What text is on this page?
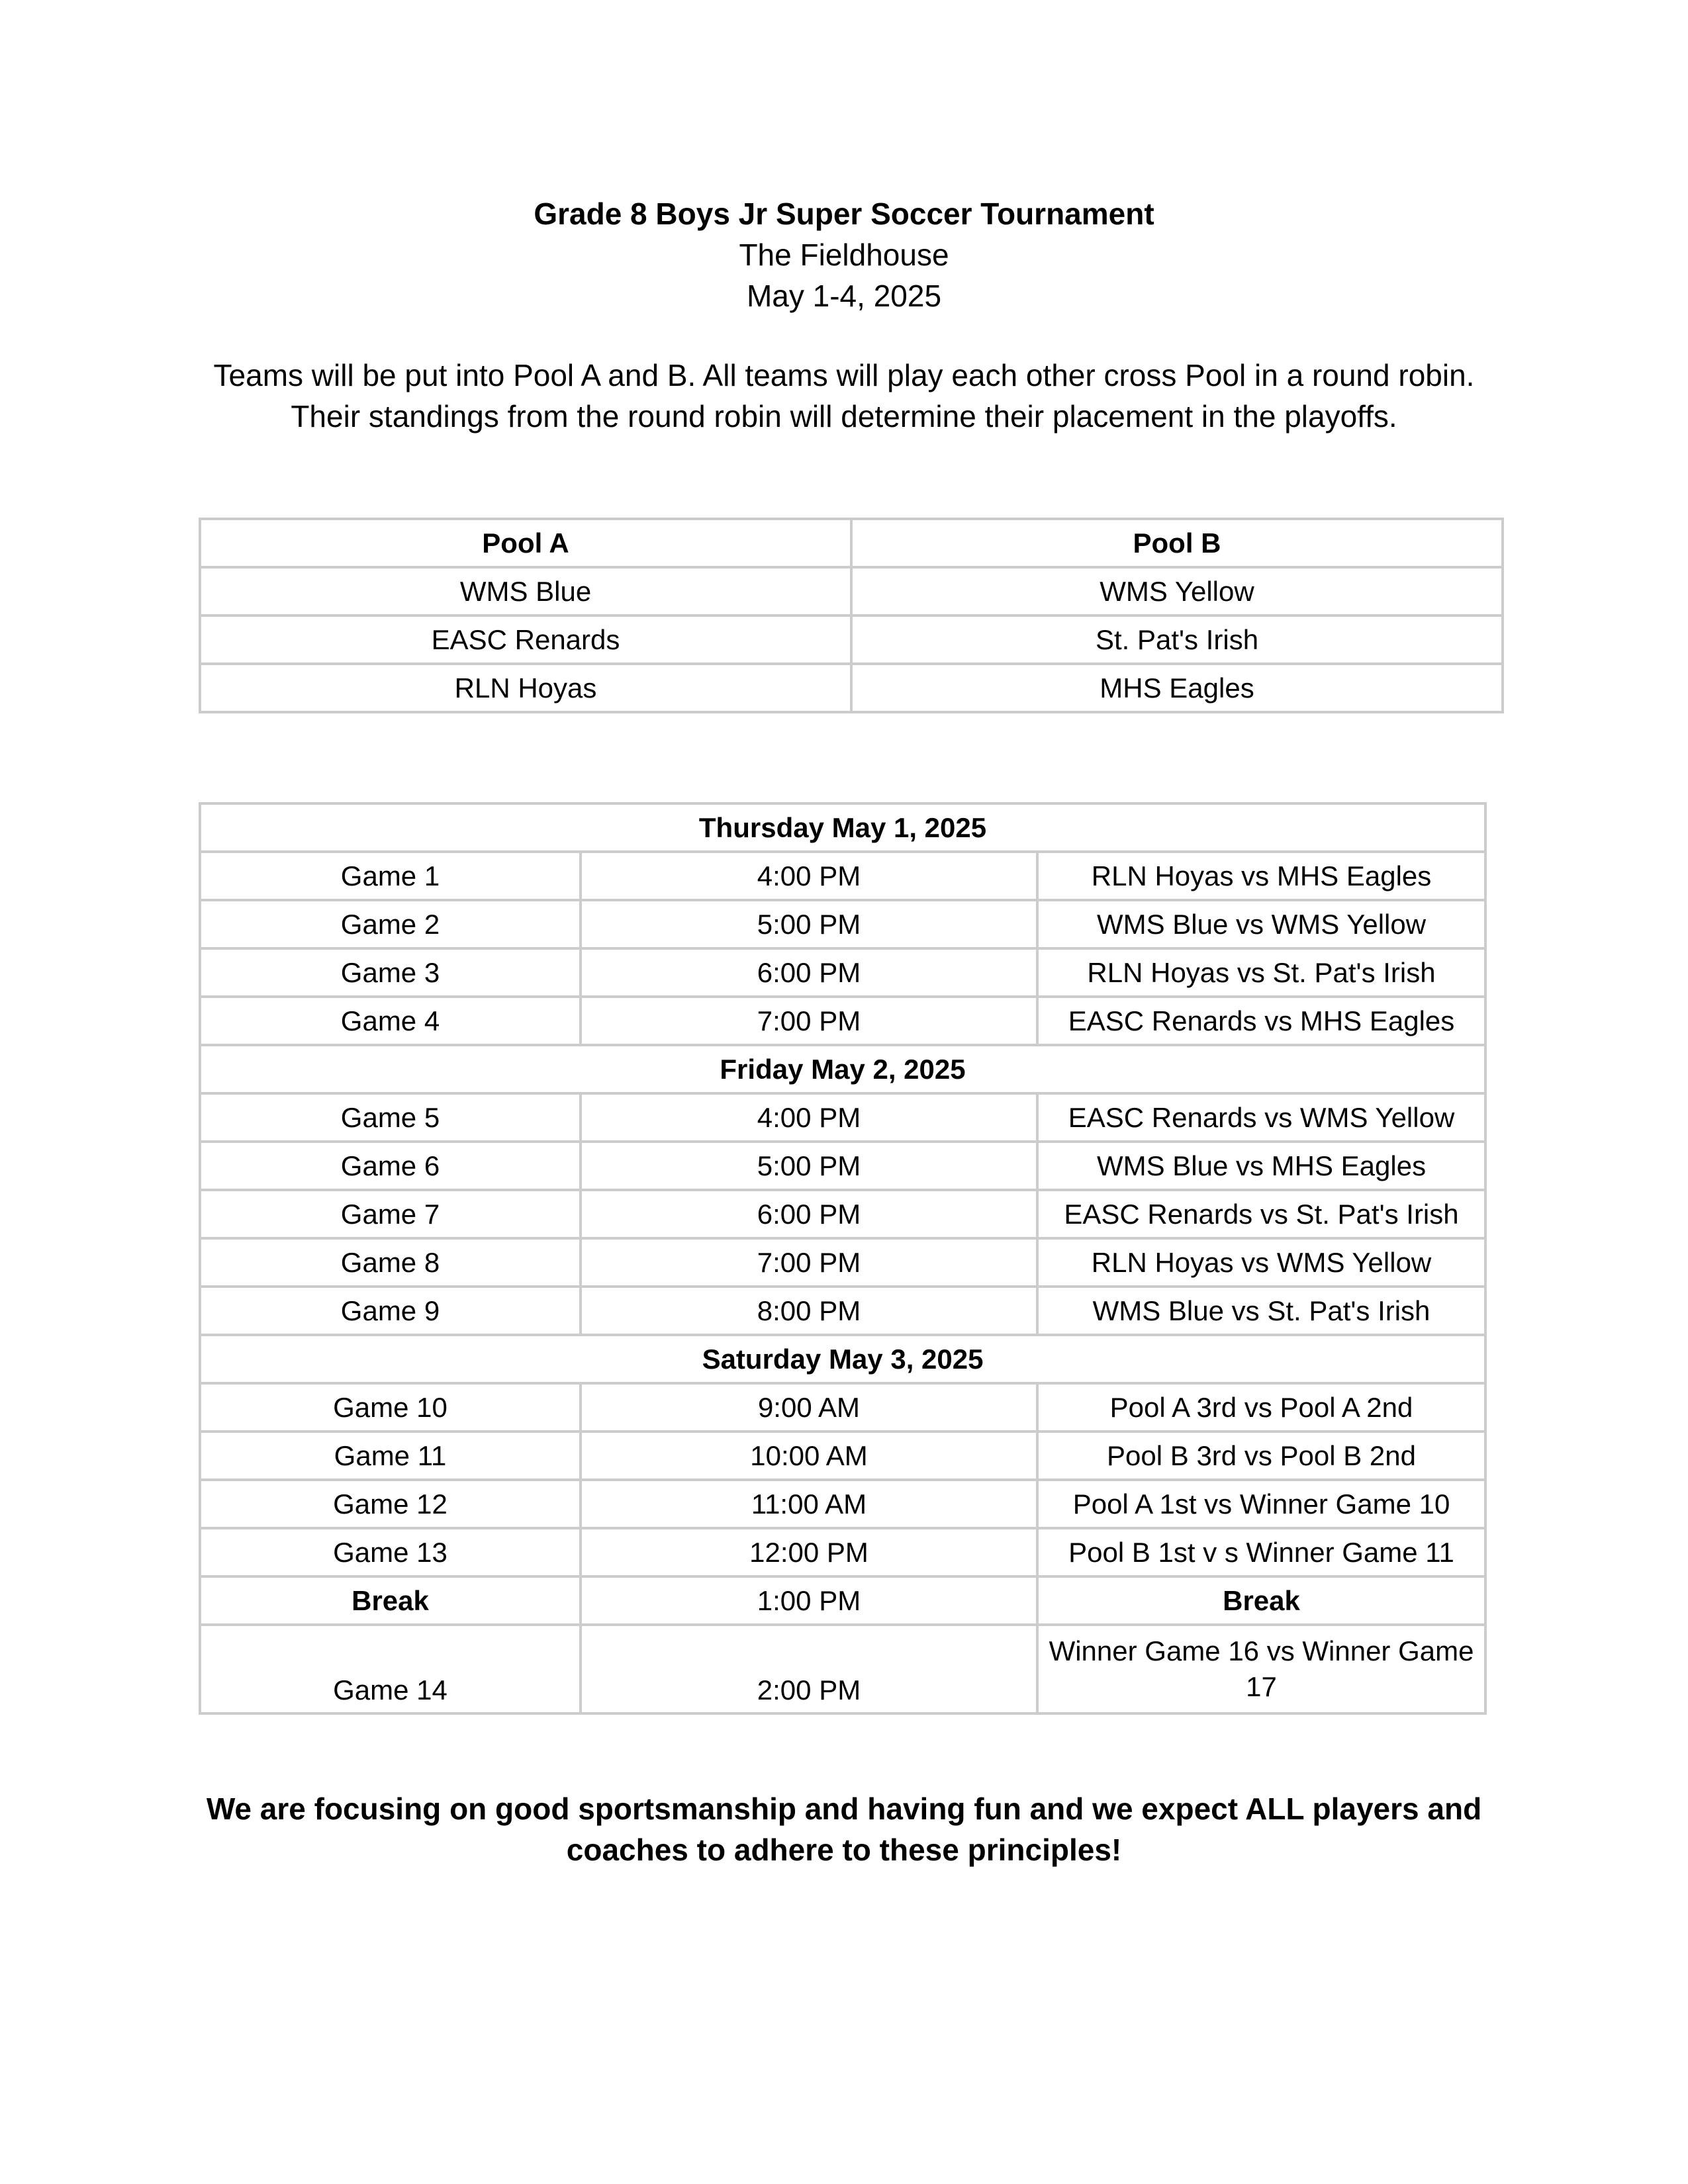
Grade 8 Boys Jr Super Soccer Tournament
The Fieldhouse
May 1-4, 2025
Teams will be put into Pool A and B. All teams will play each other cross Pool in a round robin.
Their standings from the round robin will determine their placement in the playoffs.
Pool A	Pool B
WMS Blue	WMS Yellow
EASC Renards	St. Pat's Irish
RLN Hoyas	MHS Eagles
Thursday May 1, 2025		
Game 1	4:00 PM	RLN Hoyas vs MHS Eagles
Game 2	5:00 PM	WMS Blue vs WMS Yellow
Game 3	6:00 PM	RLN Hoyas vs St. Pat's Irish
Game 4	7:00 PM	EASC Renards vs MHS Eagles
Friday May 2, 2025		
Game 5	4:00 PM	EASC Renards vs WMS Yellow
Game 6	5:00 PM	WMS Blue vs MHS Eagles
Game 7	6:00 PM	EASC Renards vs St. Pat's Irish
Game 8	7:00 PM	RLN Hoyas vs WMS Yellow
Game 9	8:00 PM	WMS Blue vs St. Pat's Irish
Saturday May 3, 2025		
Game 10	9:00 AM	Pool A 3rd vs Pool A 2nd
Game 11	10:00 AM	Pool B 3rd vs Pool B 2nd
Game 12	11:00 AM	Pool A 1st vs Winner Game 10
Game 13	12:00 PM	Pool B 1st v s Winner Game 11
Break	1:00 PM	Break
Game 14	2:00 PM	Winner Game 16 vs Winner Game 17
We are focusing on good sportsmanship and having fun and we expect ALL players and
coaches to adhere to these principles!
